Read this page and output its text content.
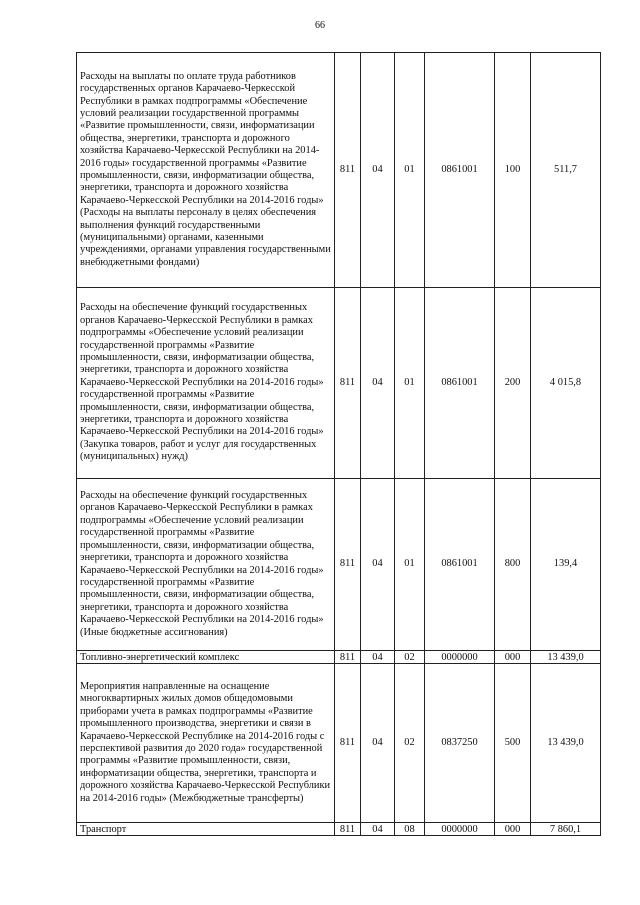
66
Расходы на выплаты по оплате труда работников государственных органов Карачаево-Черкесской Республики в рамках подпрограммы «Обеспечение условий реализации государственной программы «Развитие промышленности, связи, информатизации общества, энергетики, транспорта и дорожного хозяйства Карачаево-Черкесской Республики на 2014-2016 годы» государственной программы «Развитие промышленности, связи, информатизации общества, энергетики, транспорта и дорожного хозяйства Карачаево-Черкесской Республики на 2014-2016 годы» (Расходы на выплаты персоналу в целях обеспечения выполнения функций государственными (муниципальными) органами, казенными учреждениями, органами управления государственными внебюджетными фондами)	811	04	01	0861001	100	511,7
Расходы на обеспечение функций государственных органов Карачаево-Черкесской Республики в рамках подпрограммы «Обеспечение условий реализации государственной программы «Развитие промышленности, связи, информатизации общества, энергетики, транспорта и дорожного хозяйства Карачаево-Черкесской Республики на 2014-2016 годы» государственной программы «Развитие промышленности, связи, информатизации общества, энергетики, транспорта и дорожного хозяйства Карачаево-Черкесской Республики на 2014-2016 годы» (Закупка товаров, работ и услуг для государственных (муниципальных) нужд)	811	04	01	0861001	200	4 015,8
Расходы на обеспечение функций государственных органов Карачаево-Черкесской Республики в рамках подпрограммы «Обеспечение условий реализации государственной программы «Развитие промышленности, связи, информатизации общества, энергетики, транспорта и дорожного хозяйства Карачаево-Черкесской Республики на 2014-2016 годы» государственной программы «Развитие промышленности, связи, информатизации общества, энергетики, транспорта и дорожного хозяйства Карачаево-Черкесской Республики на 2014-2016 годы» (Иные бюджетные ассигнования)	811	04	01	0861001	800	139,4
Топливно-энергетический комплекс	811	04	02	0000000	000	13 439,0
Мероприятия направленные на оснащение многоквартирных жилых домов общедомовыми приборами учета в рамках подпрограммы «Развитие промышленного производства, энергетики и связи в Карачаево-Черкесской Республике на 2014-2016 годы с перспективой развития до 2020 года» государственной программы «Развитие промышленности, связи, информатизации общества, энергетики, транспорта и дорожного хозяйства Карачаево-Черкесской Республики на 2014-2016 годы» (Межбюджетные трансферты)	811	04	02	0837250	500	13 439,0
Транспорт	811	04	08	0000000	000	7 860,1
